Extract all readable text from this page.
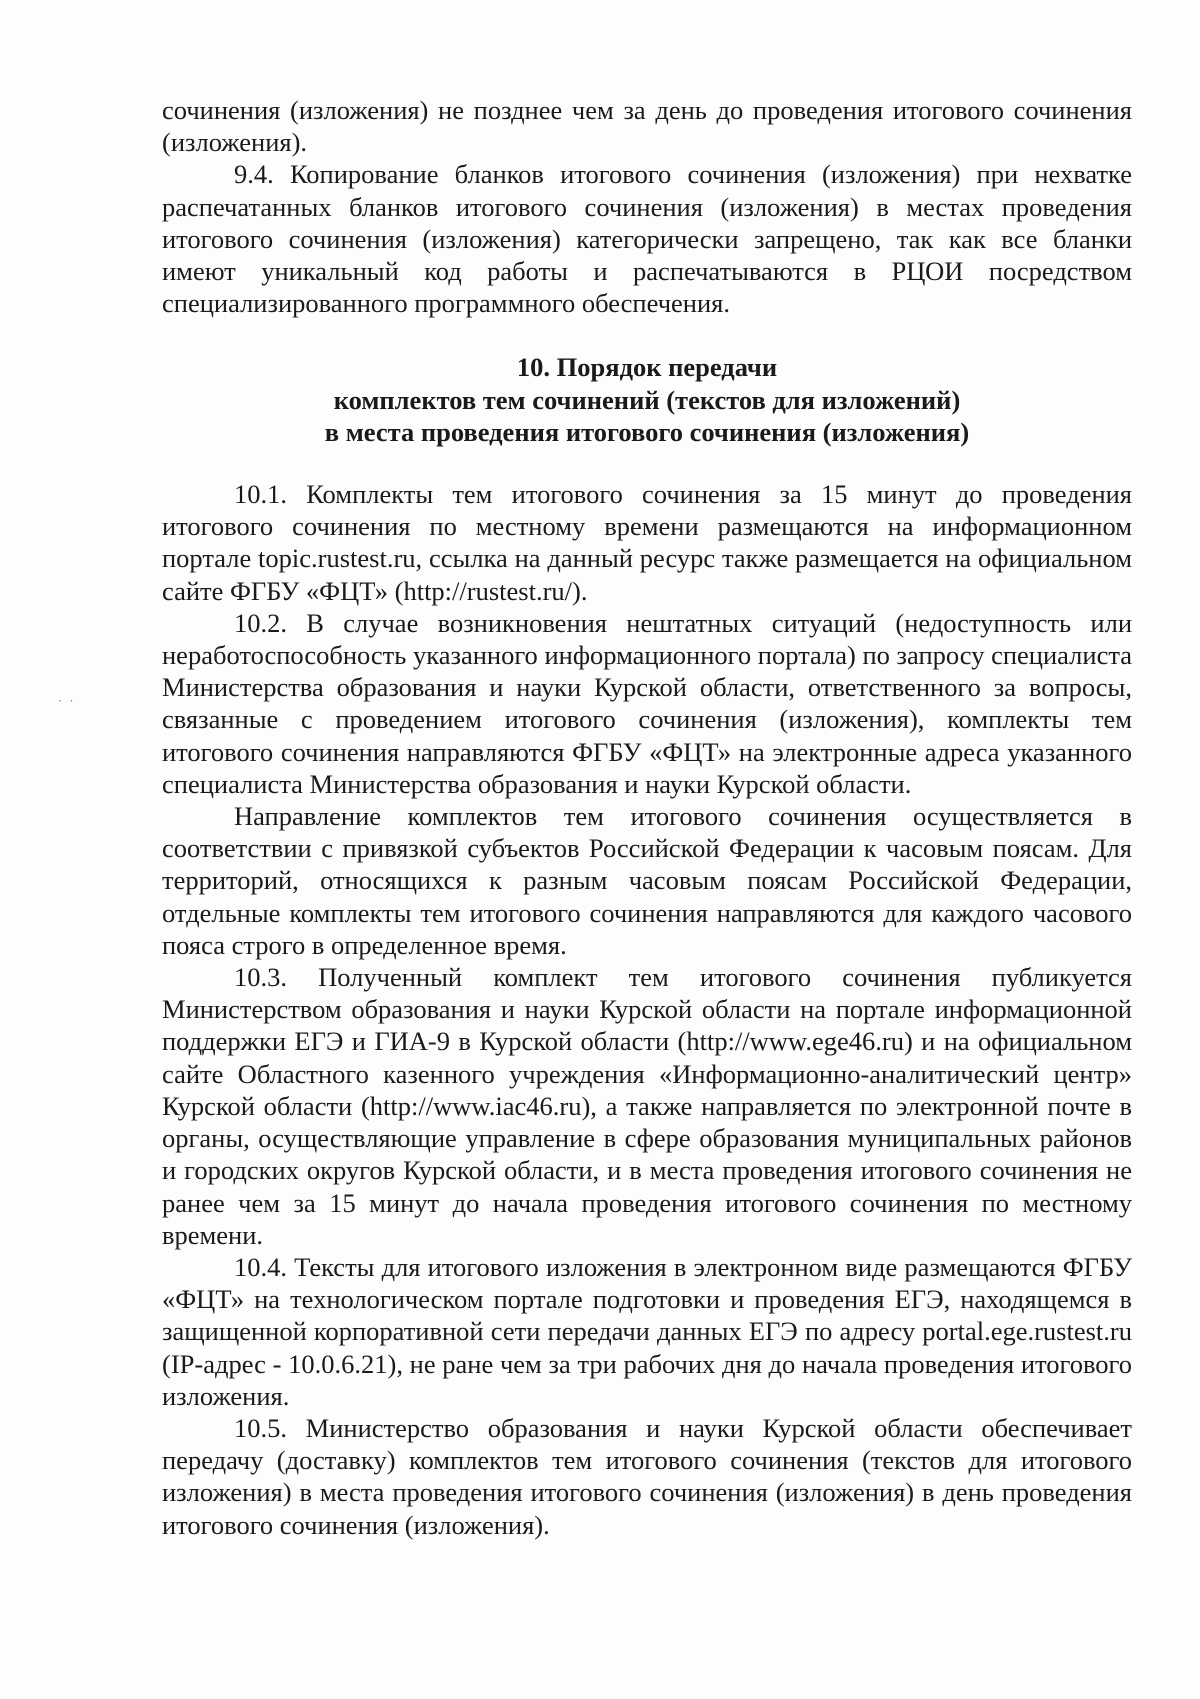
сочинения (изложения) не позднее чем за день до проведения итогового сочинения (изложения).

9.4. Копирование бланков итогового сочинения (изложения) при нехватке распечатанных бланков итогового сочинения (изложения) в местах проведения итогового сочинения (изложения) категорически запрещено, так как все бланки имеют уникальный код работы и распечатываются в РЦОИ посредством специализированного программного обеспечения.

10. Порядок передачи
комплектов тем сочинений (текстов для изложений)
в места проведения итогового сочинения (изложения)

10.1. Комплекты тем итогового сочинения за 15 минут до проведения итогового сочинения по местному времени размещаются на информационном портале topic.rustest.ru, ссылка на данный ресурс также размещается на официальном сайте ФГБУ «ФЦТ» (http://rustest.ru/).

10.2. В случае возникновения нештатных ситуаций (недоступность или неработоспособность указанного информационного портала) по запросу специалиста Министерства образования и науки Курской области, ответственного за вопросы, связанные с проведением итогового сочинения (изложения), комплекты тем итогового сочинения направляются ФГБУ «ФЦТ» на электронные адреса указанного специалиста Министерства образования и науки Курской области.

Направление комплектов тем итогового сочинения осуществляется в соответствии с привязкой субъектов Российской Федерации к часовым поясам. Для территорий, относящихся к разным часовым поясам Российской Федерации, отдельные комплекты тем итогового сочинения направляются для каждого часового пояса строго в определенное время.

10.3. Полученный комплект тем итогового сочинения публикуется Министерством образования и науки Курской области на портале информационной поддержки ЕГЭ и ГИА-9 в Курской области (http://www.ege46.ru) и на официальном сайте Областного казенного учреждения «Информационно-аналитический центр» Курской области (http://www.iac46.ru), а также направляется по электронной почте в органы, осуществляющие управление в сфере образования муниципальных районов и городских округов Курской области, и в места проведения итогового сочинения не ранее чем за 15 минут до начала проведения итогового сочинения по местному времени.

10.4. Тексты для итогового изложения в электронном виде размещаются ФГБУ «ФЦТ» на технологическом портале подготовки и проведения ЕГЭ, находящемся в защищенной корпоративной сети передачи данных ЕГЭ по адресу portal.ege.rustest.ru (IP-адрес - 10.0.6.21), не ране чем за три рабочих дня до начала проведения итогового изложения.

10.5. Министерство образования и науки Курской области обеспечивает передачу (доставку) комплектов тем итогового сочинения (текстов для итогового изложения) в места проведения итогового сочинения (изложения) в день проведения итогового сочинения (изложения).

· ·
